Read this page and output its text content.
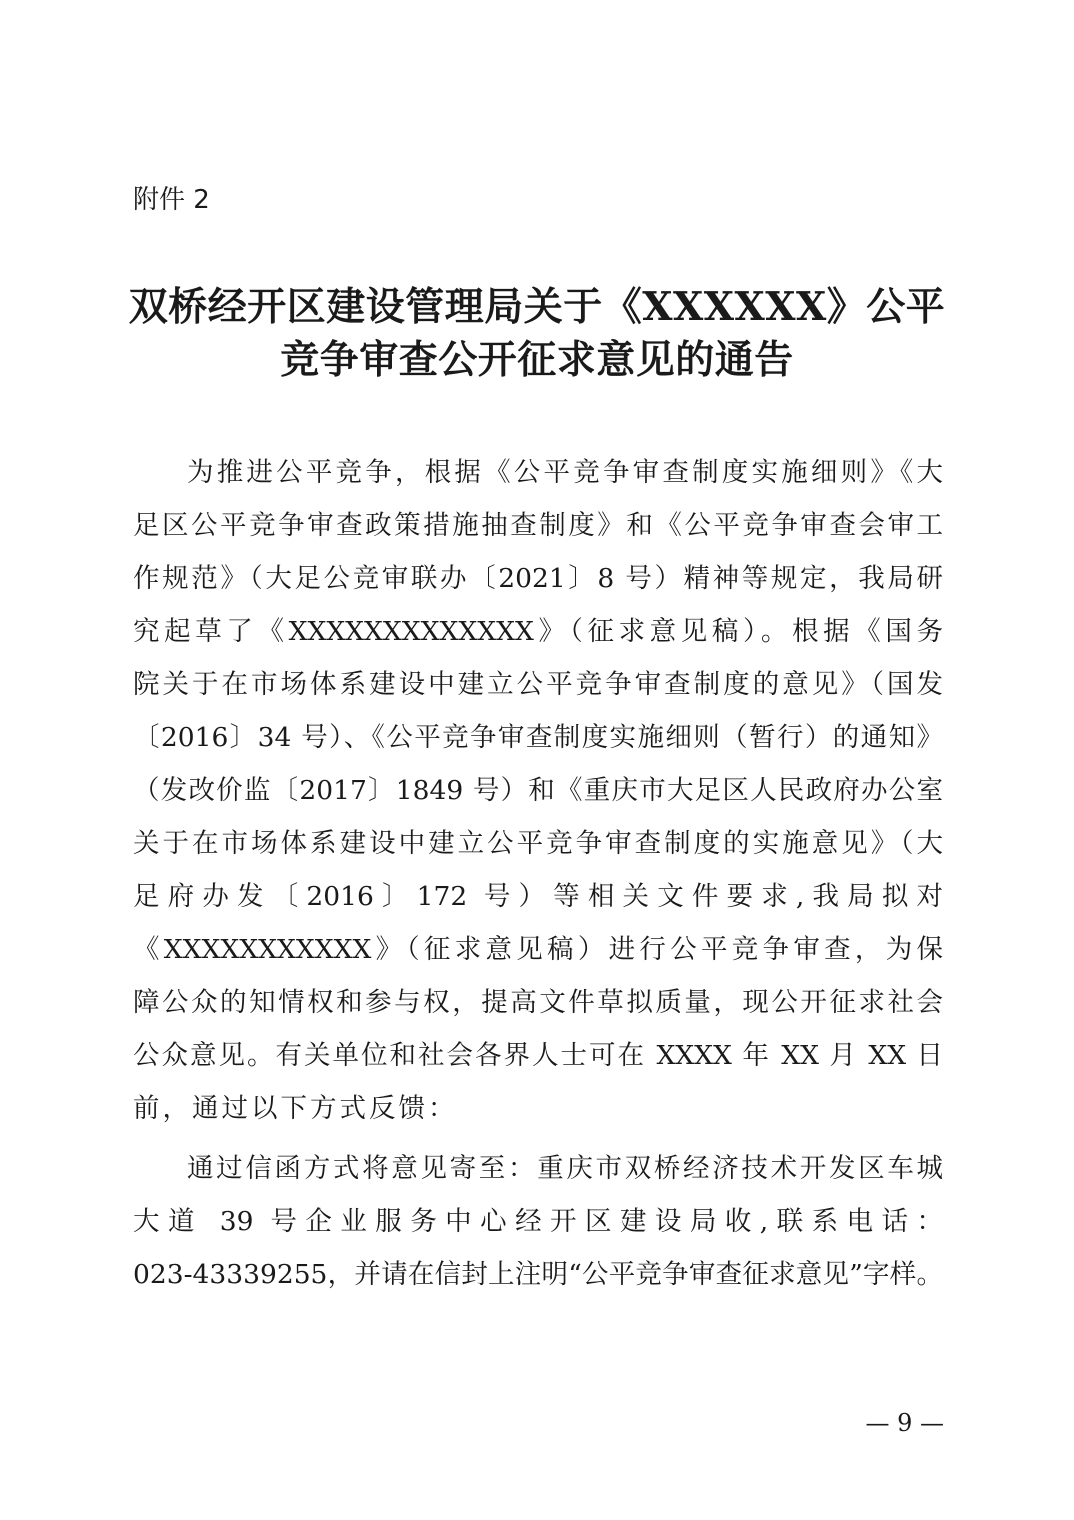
附件 2
双桥经开区建设管理局关于《XXXXXX》公平
竞争审查公开征求意见的通告
为推进公平竞争，根据《公平竞争审查制度实施细则》《大
足区公平竞争审查政策措施抽查制度》和《公平竞争审查会审工
作规范》（大足公竞审联办〔2021〕8 号）精神等规定，我局研
究起草了《XXXXXXXXXXXXX》（征求意见稿）。根据《国务
院关于在市场体系建设中建立公平竞争审查制度的意见》（国发
〔2016〕34 号）、《公平竞争审查制度实施细则（暂行）的通知》
（发改价监〔2017〕1849 号）和《重庆市大足区人民政府办公室
关于在市场体系建设中建立公平竞争审查制度的实施意见》（大
足府办发〔2016〕172 号）等相关文件要求,我局拟对
《XXXXXXXXXXX》（征求意见稿）进行公平竞争审查，为保
障公众的知情权和参与权，提高文件草拟质量，现公开征求社会
公众意见。有关单位和社会各界人士可在 XXXX 年 XX 月 XX 日
前，通过以下方式反馈：
通过信函方式将意见寄至：重庆市双桥经济技术开发区车城
大道 39 号企业服务中心经开区建设局收,联系电话：
023-43339255，并请在信封上注明“公平竞争审查征求意见”字样。
— 9 —
